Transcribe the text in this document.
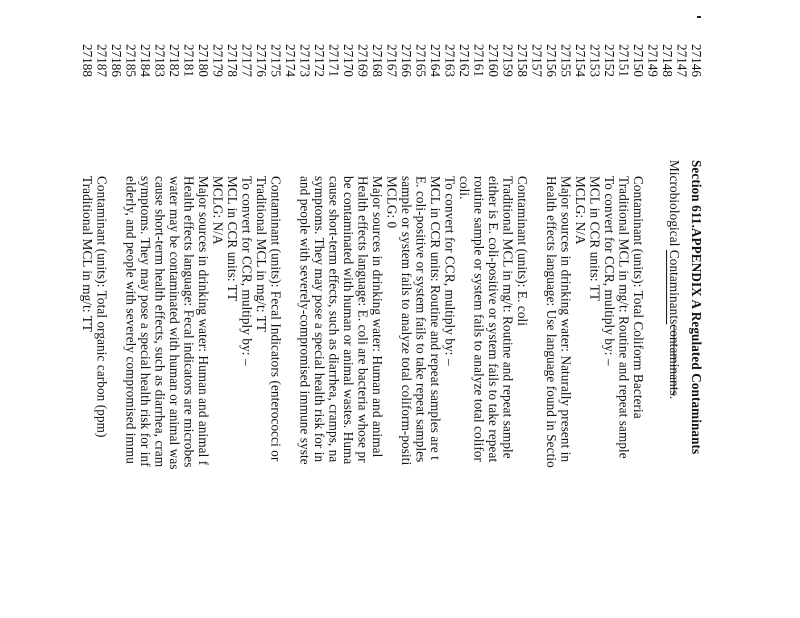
27146
27147
27148
27149
27150
27151
27152
27153
27154
27155
27156
27157
27158
27159
27160
27161
27162
27163
27164
27165
27166
27167
27168
27169
27170
27171
27172
27173
27174
27175
27176
27177
27178
27179
27180
27181
27182
27183
27184
27185
27186
27187
27188
Section 611.APPENDIX A Regulated Contaminants
Microbiological Contaminantscontaminants.
Contaminant (units): Total Coliform Bacteria
Traditional MCL in mg/t: Routine and repeat sample
To convert for CCR, multiply by: –
MCL in CCR units: TT
MCLG: N/A
Major sources in drinking water: Naturally present in
Health effects language: Use language found in Sectio
Contaminant (units): E. coli
Traditional MCL in mg/t: Routine and repeat sample
either is E. coli-positive or system fails to take repeat
routine sample or system fails to analyze total colifor
coli.
To convert for CCR, multiply by: –
MCL in CCR units: Routine and repeat samples are t
E. coli-positive or system fails to take repeat samples
sample or system fails to analyze total coliform-positi
MCLG: 0
Major sources in drinking water: Human and animal
Health effects language: E. coli are bacteria whose pr
be contaminated with human or animal wastes. Huma
cause short-term effects, such as diarrhea, cramps, na
symptoms. They may pose a special health risk for in
and people with severely-compromised immune syste
Contaminant (units): Fecal Indicators (enterococci or
Traditional MCL in mg/t: TT
To convert for CCR, multiply by: –
MCL in CCR units: TT
MCLG: N/A
Major sources in drinking water: Human and animal f
Health effects language: Fecal indicators are microbes
water may be contaminated with human or animal was
cause short-term health effects, such as diarrhea, cram
symptoms. They may pose a special health risk for inf
elderly, and people with severely compromised immu
Contaminant (units): Total organic carbon (ppm)
Traditional MCL in mg/t: TT
